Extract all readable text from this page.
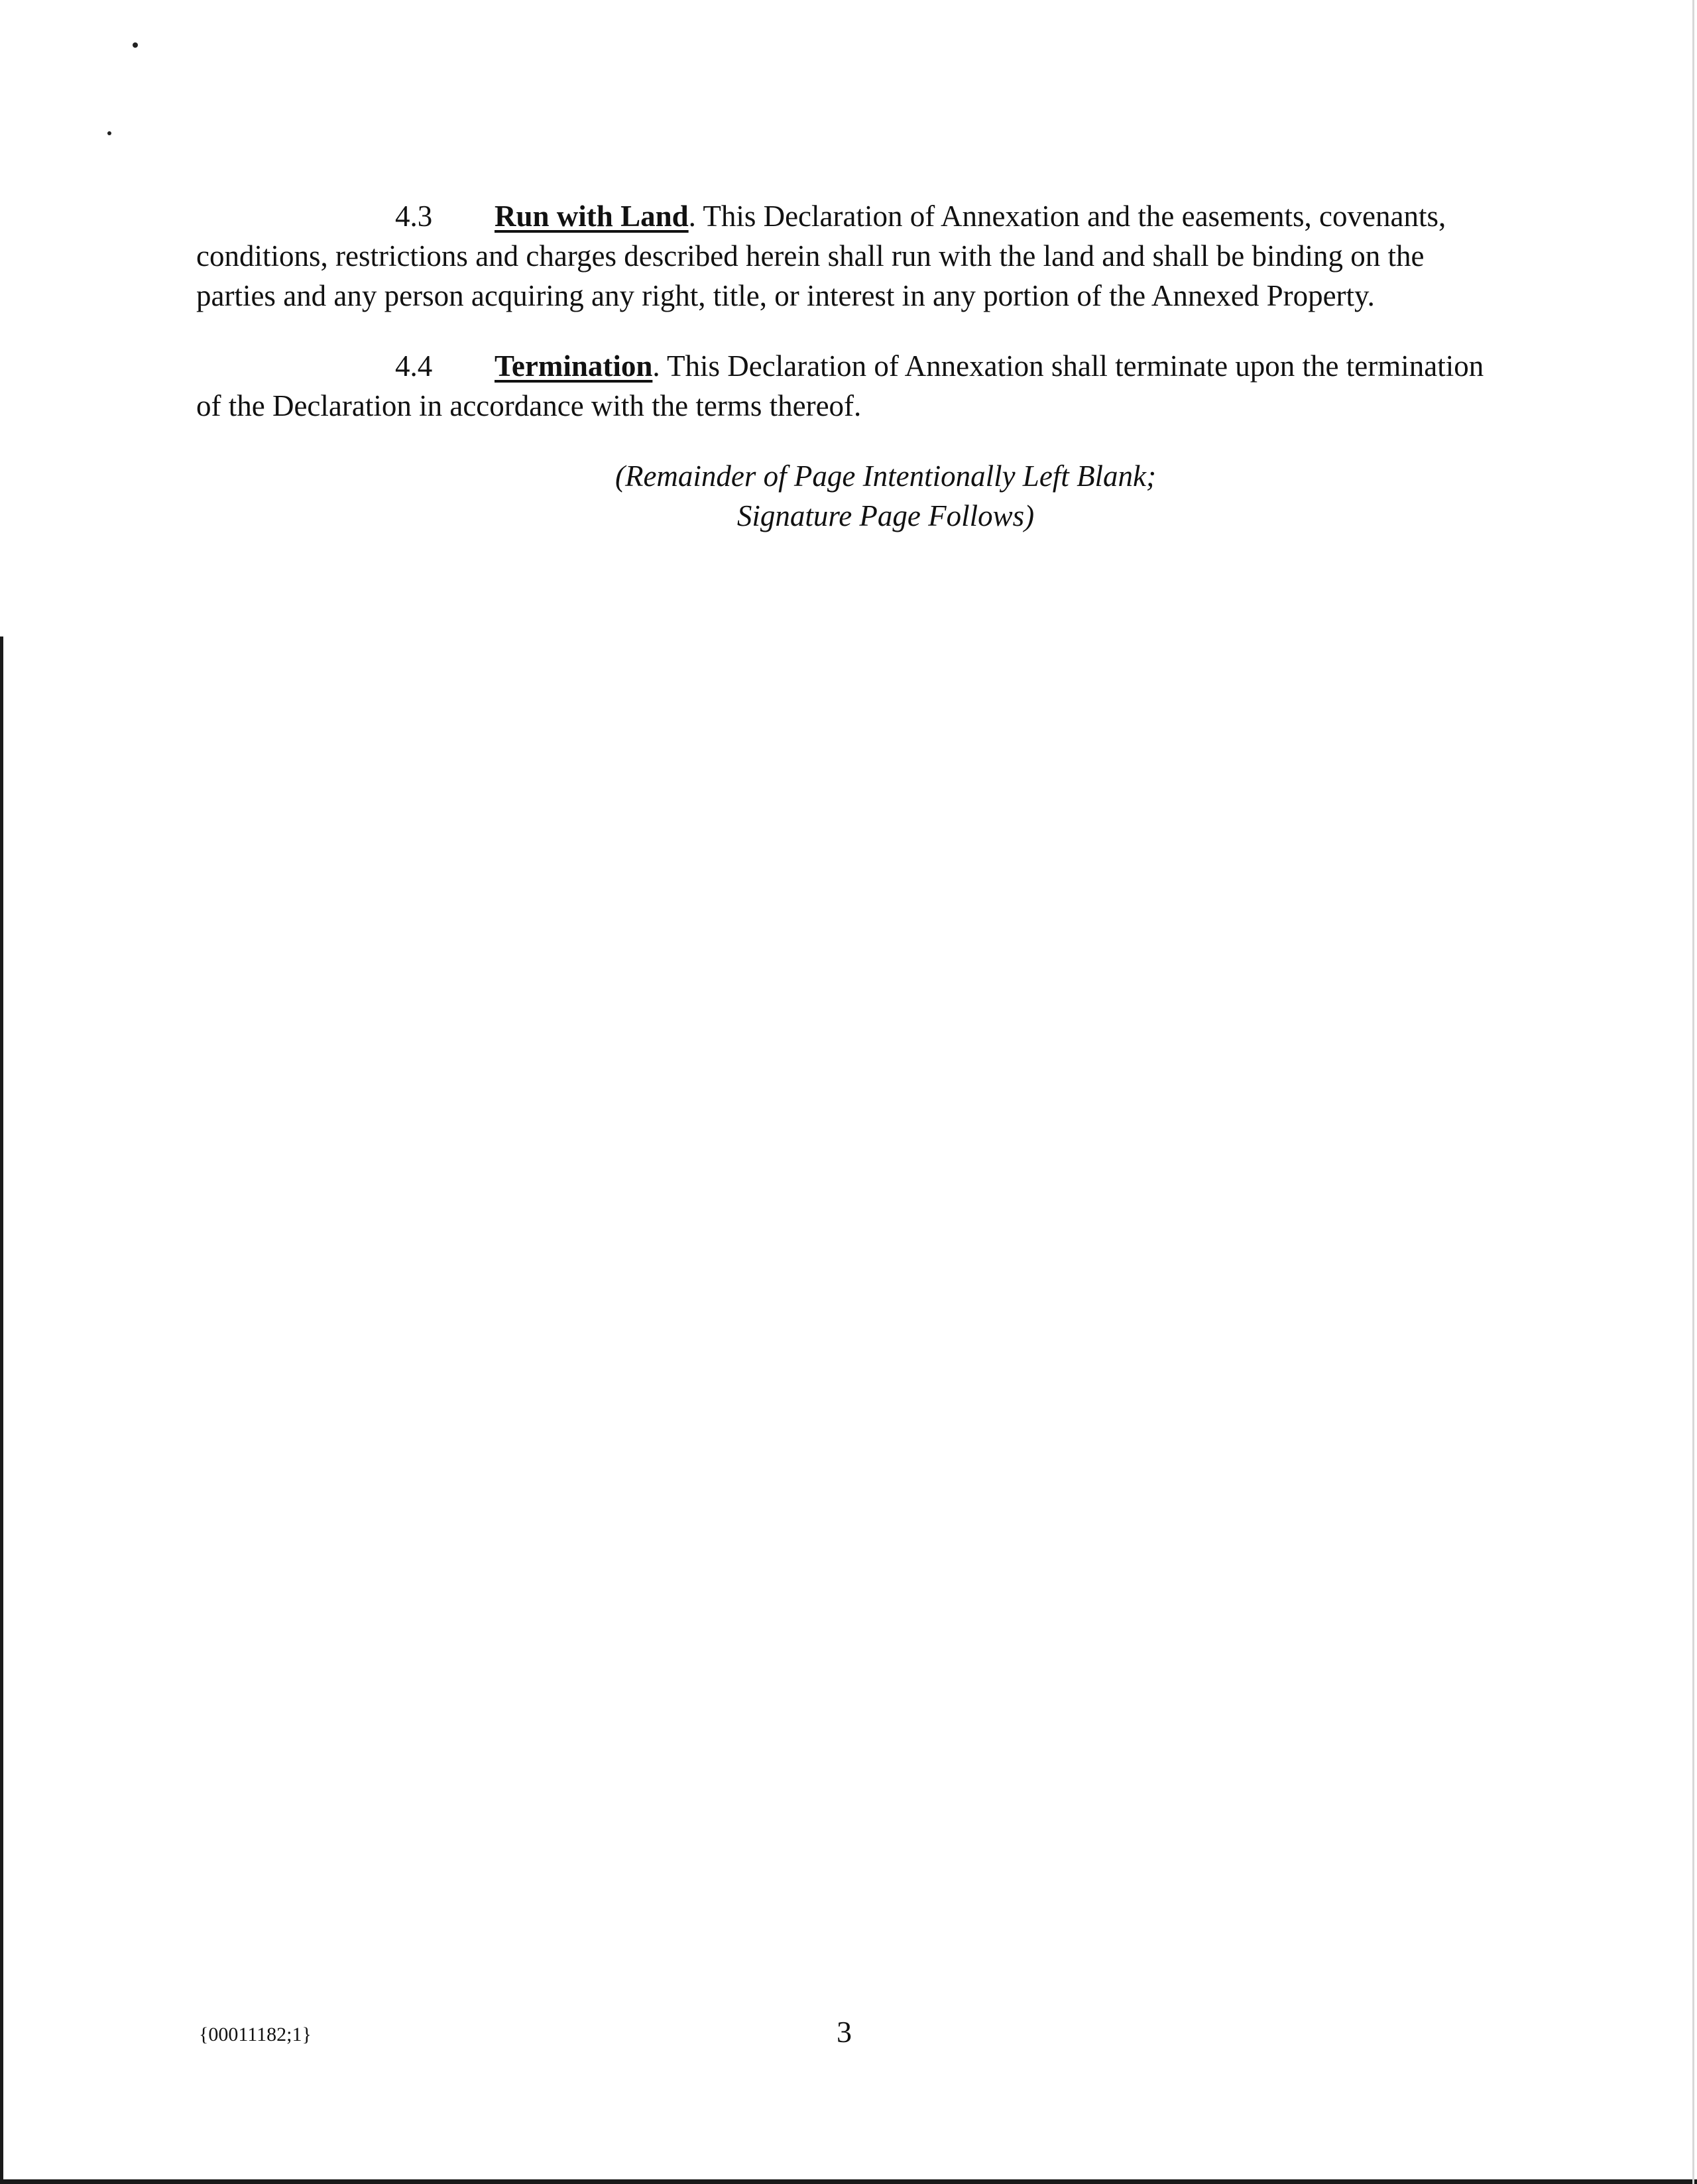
4.3 Run with Land. This Declaration of Annexation and the easements, covenants, conditions, restrictions and charges described herein shall run with the land and shall be binding on the parties and any person acquiring any right, title, or interest in any portion of the Annexed Property.

4.4 Termination. This Declaration of Annexation shall terminate upon the termination of the Declaration in accordance with the terms thereof.

(Remainder of Page Intentionally Left Blank;
Signature Page Follows)

{00011182;1}	3
